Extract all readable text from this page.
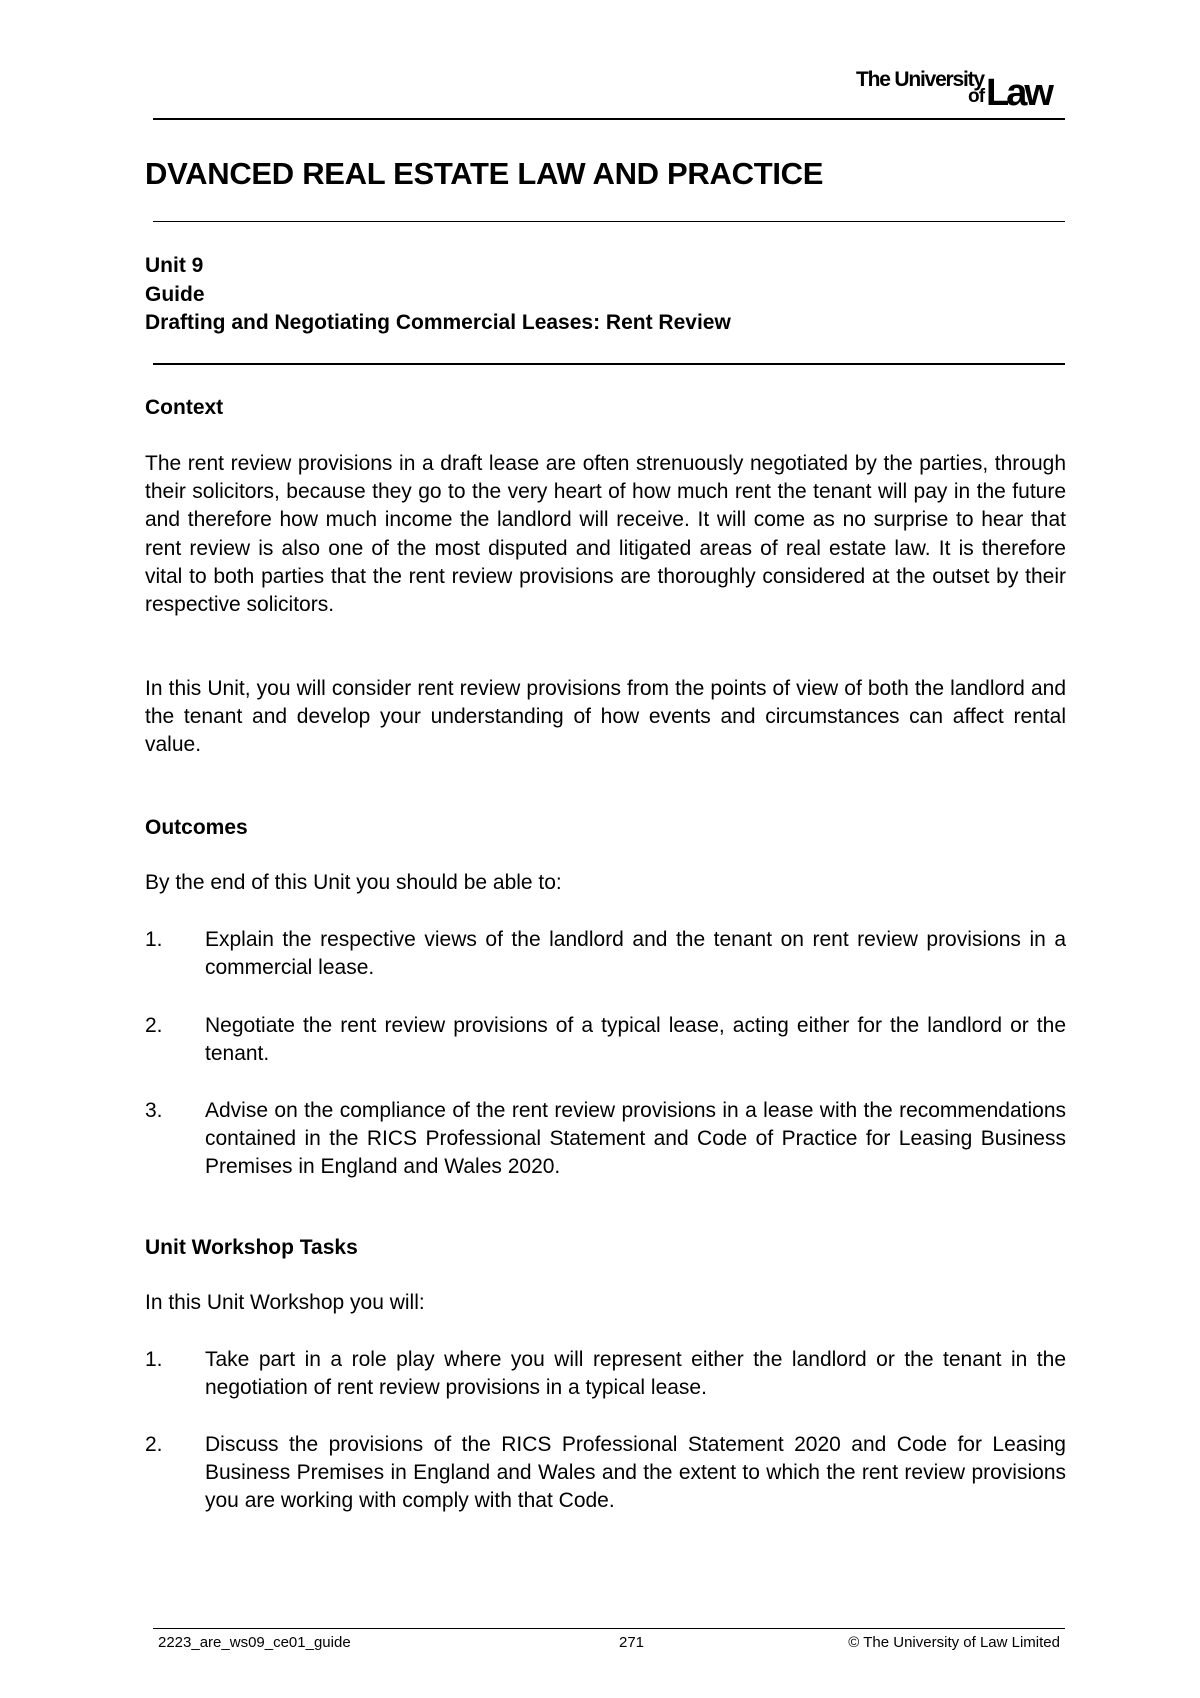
The University
of Law
DVANCED REAL ESTATE LAW AND PRACTICE
Unit 9
Guide
Drafting and Negotiating Commercial Leases: Rent Review
Context
The rent review provisions in a draft lease are often strenuously negotiated by the parties, through their solicitors, because they go to the very heart of how much rent the tenant will pay in the future and therefore how much income the landlord will receive. It will come as no surprise to hear that rent review is also one of the most disputed and litigated areas of real estate law. It is therefore vital to both parties that the rent review provisions are thoroughly considered at the outset by their respective solicitors.
In this Unit, you will consider rent review provisions from the points of view of both the landlord and the tenant and develop your understanding of how events and circumstances can affect rental value.
Outcomes
By the end of this Unit you should be able to:
1. Explain the respective views of the landlord and the tenant on rent review provisions in a commercial lease.
2. Negotiate the rent review provisions of a typical lease, acting either for the landlord or the tenant.
3. Advise on the compliance of the rent review provisions in a lease with the recommendations contained in the RICS Professional Statement and Code of Practice for Leasing Business Premises in England and Wales 2020.
Unit Workshop Tasks
In this Unit Workshop you will:
1. Take part in a role play where you will represent either the landlord or the tenant in the negotiation of rent review provisions in a typical lease.
2. Discuss the provisions of the RICS Professional Statement 2020 and Code for Leasing Business Premises in England and Wales and the extent to which the rent review provisions you are working with comply with that Code.
2223_are_ws09_ce01_guide	271	© The University of Law Limited
